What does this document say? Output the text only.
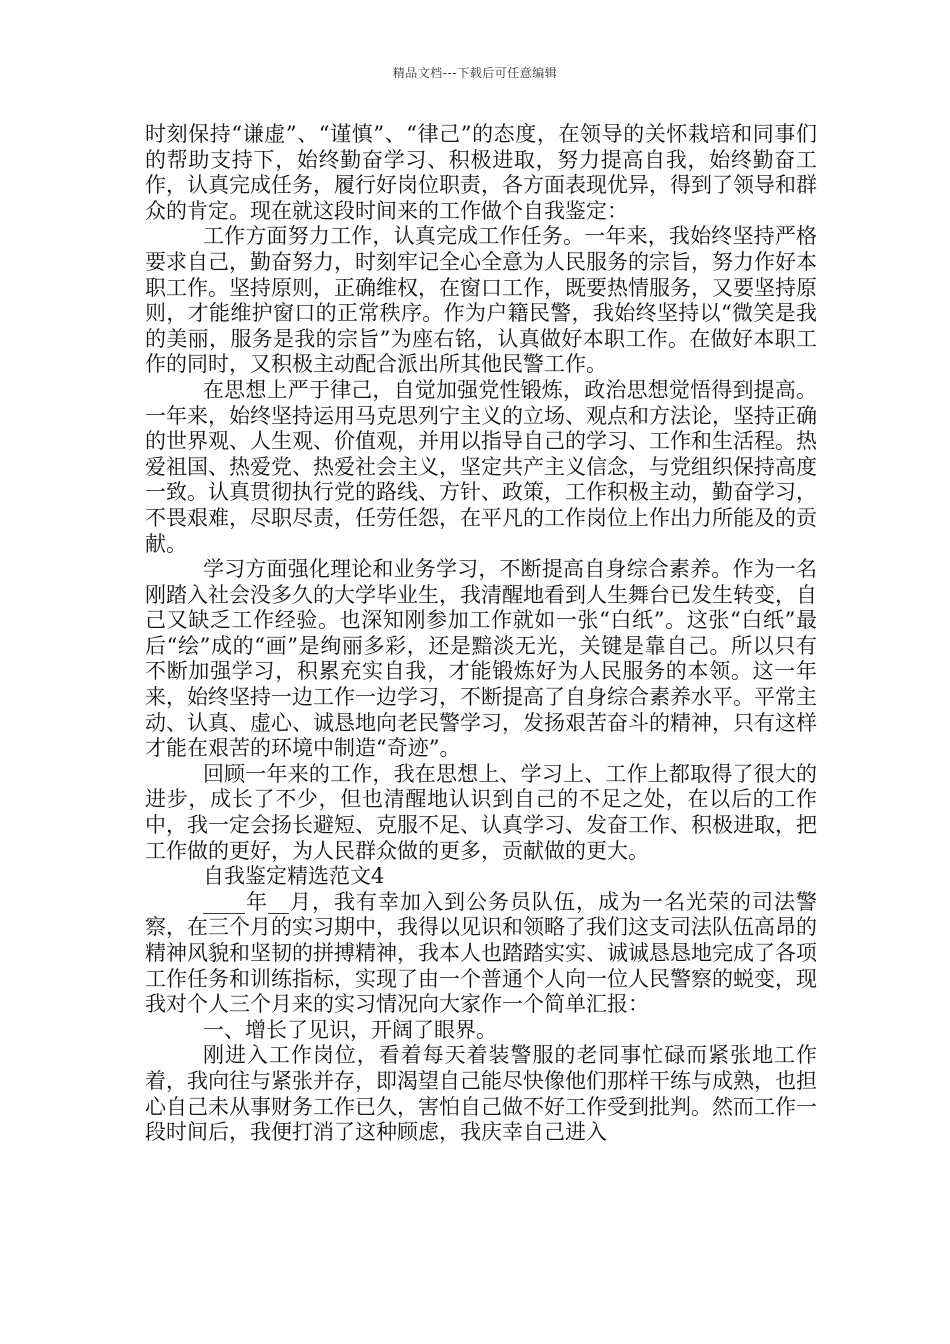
精品文档---下载后可任意编辑

时刻保持“谦虚”、“谨慎”、“律己”的态度，在领导的关怀栽培和同事们的帮助支持下，始终勤奋学习、积极进取，努力提高自我，始终勤奋工作，认真完成任务，履行好岗位职责，各方面表现优异，得到了领导和群众的肯定。现在就这段时间来的工作做个自我鉴定：

工作方面努力工作，认真完成工作任务。一年来，我始终坚持严格要求自己，勤奋努力，时刻牢记全心全意为人民服务的宗旨，努力作好本职工作。坚持原则，正确维权，在窗口工作，既要热情服务，又要坚持原则，才能维护窗口的正常秩序。作为户籍民警，我始终坚持以“微笑是我的美丽，服务是我的宗旨”为座右铭，认真做好本职工作。在做好本职工作的同时，又积极主动配合派出所其他民警工作。

在思想上严于律己，自觉加强党性锻炼，政治思想觉悟得到提高。一年来，始终坚持运用马克思列宁主义的立场、观点和方法论，坚持正确的世界观、人生观、价值观，并用以指导自己的学习、工作和生活程。热爱祖国、热爱党、热爱社会主义，坚定共产主义信念，与党组织保持高度一致。认真贯彻执行党的路线、方针、政策，工作积极主动，勤奋学习，不畏艰难，尽职尽责，任劳任怨，在平凡的工作岗位上作出力所能及的贡献。

学习方面强化理论和业务学习，不断提高自身综合素养。作为一名刚踏入社会没多久的大学毕业生，我清醒地看到人生舞台已发生转变，自己又缺乏工作经验。也深知刚参加工作就如一张“白纸”。这张“白纸”最后“绘”成的“画”是绚丽多彩，还是黯淡无光，关键是靠自己。所以只有不断加强学习，积累充实自我，才能锻炼好为人民服务的本领。这一年来，始终坚持一边工作一边学习，不断提高了自身综合素养水平。平常主动、认真、虚心、诚恳地向老民警学习，发扬艰苦奋斗的精神，只有这样才能在艰苦的环境中制造“奇迹”。

回顾一年来的工作，我在思想上、学习上、工作上都取得了很大的进步，成长了不少，但也清醒地认识到自己的不足之处，在以后的工作中，我一定会扬长避短、克服不足、认真学习、发奋工作、积极进取，把工作做的更好，为人民群众做的更多，贡献做的更大。

自我鉴定精选范文4

____年__月，我有幸加入到公务员队伍，成为一名光荣的司法警察，在三个月的实习期中，我得以见识和领略了我们这支司法队伍高昂的精神风貌和坚韧的拼搏精神，我本人也踏踏实实、诚诚恳恳地完成了各项工作任务和训练指标，实现了由一个普通个人向一位人民警察的蜕变，现我对个人三个月来的实习情况向大家作一个简单汇报：

一、增长了见识，开阔了眼界。

刚进入工作岗位，看着每天着装警服的老同事忙碌而紧张地工作着，我向往与紧张并存，即渴望自己能尽快像他们那样干练与成熟，也担心自己未从事财务工作已久，害怕自己做不好工作受到批判。然而工作一段时间后，我便打消了这种顾虑，我庆幸自己进入
